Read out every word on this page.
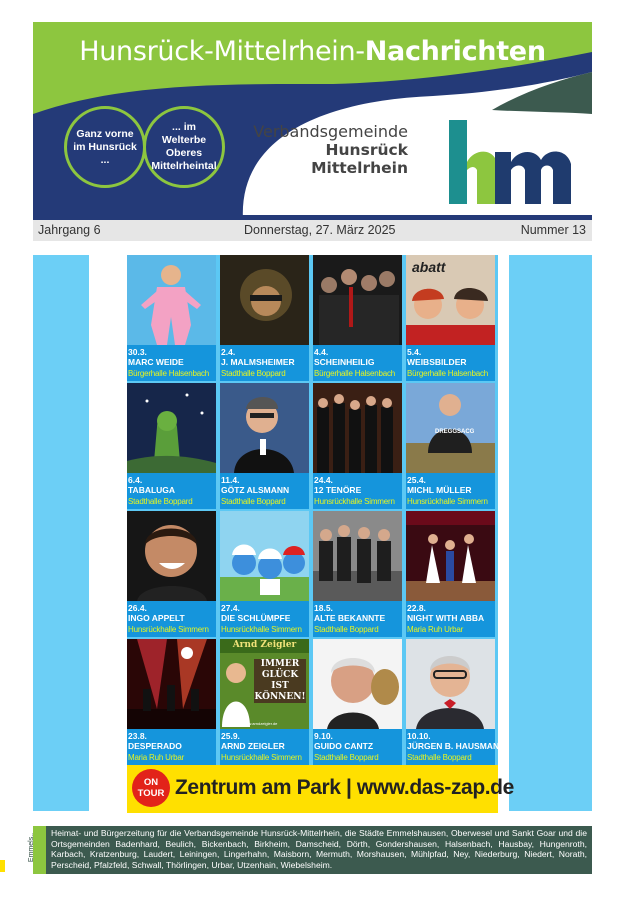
Hunsrück-Mittelrhein-Nachrichten
Ganz vorne im Hunsrück ...
... im Welterbe Oberes Mittelrheintal
Verbandsgemeinde
Hunsrück
Mittelrhein
Jahrgang 6	Donnerstag, 27. März 2025	Nummer 13
30.3.
MARC WEIDE
Bürgerhalle Halsenbach
2.4.
J. MALMSHEIMER
Stadthalle Boppard
4.4.
SCHEINHEILIG
Bürgerhalle Halsenbach
abatt
5.4.
WEIBSBILDER
Bürgerhalle Halsenbach
6.4.
TABALUGA
Stadthalle Boppard
11.4.
GÖTZ ALSMANN
Stadthalle Boppard
24.4.
12 TENÖRE
Hunsrückhalle Simmern
DREGGSACG
25.4.
MICHL MÜLLER
Hunsrückhalle Simmern
26.4.
INGO APPELT
Hunsrückhalle Simmern
27.4.
DIE SCHLÜMPFE
Hunsrückhalle Simmern
18.5.
ALTE BEKANNTE
Stadthalle Boppard
22.8.
NIGHT WITH ABBA
Maria Ruh Urbar
23.8.
DESPERADO
Maria Ruh Urbar
Arnd Zeigler
IMMER GLÜCK IST KÖNNEN!
ZeiglerLive www.arndzeigler.de
25.9.
ARND ZEIGLER
Hunsrückhalle Simmern
9.10.
GUIDO CANTZ
Stadthalle Boppard
10.10.
JÜRGEN B. HAUSMANN
Stadthalle Boppard
ON
TOUR Zentrum am Park | www.das-zap.de
Emmels.. Heimat- und Bürgerzeitung für die Verbandsgemeinde Hunsrück-Mittelrhein, die Städte Emmelshausen, Oberwesel und Sankt Goar und die Ortsgemeinden Badenhard, Beulich, Bickenbach, Birkheim, Damscheid, Dörth, Gondershausen, Halsenbach, Hausbay, Hungenroth, Karbach, Kratzenburg, Laudert, Leiningen, Lingerhahn, Maisborn, Mermuth, Morshausen, Mühlpfad, Ney, Niederburg, Niedert, Norath, Perscheid, Pfalzfeld, Schwall, Thörlingen, Urbar, Utzenhain, Wiebelsheim.
